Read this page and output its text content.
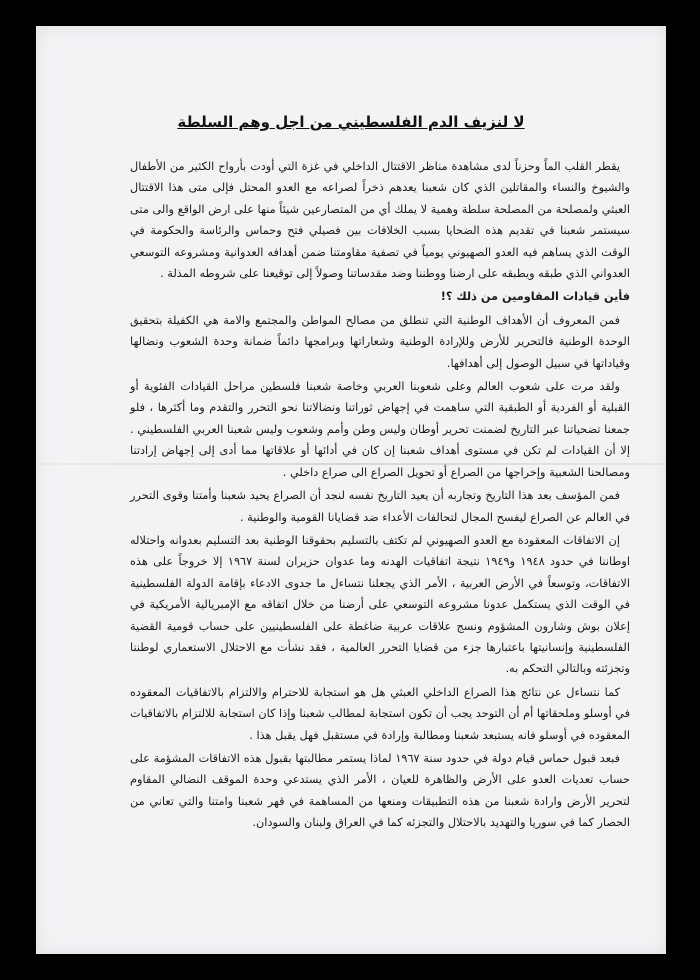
لا لنزيف الدم الفلسطيني من اجل وهم السلطة

يقطر القلب الماً وحزناً لدى مشاهدة مناظر الاقتتال الداخلي في غزة التي أودت بأرواح الكثير من الأطفال والشيوخ والنساء والمقاتلين الذي كان شعبنا يعدهم ذخراً لصراعه مع العدو المحتل فإلى متى هذا الاقتتال العبثي ولمصلحة من المصلحة سلطة وهمية لا يملك أي من المتصارعين شيئاً منها على ارض الواقع والى متى سيستمر شعبنا في تقديم هذه الضحايا بسبب الخلافات بين فصيلي فتح وحماس والرئاسة والحكومة في الوقت الذي يساهم فيه العدو الصهيوني يومياً في تصفية مقاومتنا ضمن أهدافه العدوانية ومشروعه التوسعي العدواني الذي طبقه ويطبقه على ارضنا ووطننا وضد مقدساتنا وصولاً إلى توقيعنا على شروطه المذلة .

فأين قيادات المقاومين من ذلك ؟!

فمن المعروف أن الأهداف الوطنية التي تنطلق من مصالح المواطن والمجتمع والامة هي الكفيلة بتحقيق الوحدة الوطنية فالتحرير للأرض وللإرادة الوطنية وشعاراتها وبرامجها دائماً ضمانة وحدة الشعوب ونضالها وقياداتها في سبيل الوصول إلى أهدافها.

ولقد مرت على شعوب العالم وعلى شعوبنا العربي وخاصة شعبنا فلسطين مراحل القيادات الفئوية أو القبلية أو الفردية أو الطبقية التي ساهمت في إجهاض ثوراتنا ونضالاتنا نحو التحرر والتقدم وما أكثرها ، فلو جمعنا تضحياتنا عبر التاريخ لضمنت تحرير أوطان وليس وطن وأمم وشعوب وليس شعبنا العربي الفلسطيني . إلا أن القيادات لم تكن في مستوى أهداف شعبنا إن كان في أدائها أو علاقاتها مما أدى إلى إجهاض إرادتنا ومصالحنا الشعبية وإخراجها من الصراع أو تحويل الصراع الى صراع داخلي .

فمن المؤسف بعد هذا التاريخ وتجاربه أن يعيد التاريخ نفسه لنجد أن الصراع يحيد شعبنا وأمتنا وقوى التحرر في العالم عن الصراع ليفسح المجال لتحالفات الأعداء ضد قضايانا القومية والوطنية .

إن الاتفاقات المعقودة مع العدو الصهيوني لم تكتف بالتسليم بحقوقنا الوطنية بعد التسليم بعدوانه واحتلاله اوطاننا في حدود ١٩٤٨ و١٩٤٩ نتيجة اتفاقيات الهدنه وما عدوان حزيران لسنة ١٩٦٧ إلا خروجاً على هذه الاتفاقات، وتوسعاً في الأرض العربية ، الأمر الذي يجعلنا نتساءل ما جدوى الادعاء بإقامة الدولة الفلسطينية في الوقت الذي يستكمل عدونا مشروعه التوسعي على أرضنا من خلال اتفاقه مع الإمبريالية الأمريكية في إعلان بوش وشارون المشؤوم ونسج علاقات عربية ضاغطة على الفلسطينيين على حساب قومية القضية الفلسطينية وإنسانيتها باعتبارها جزء من قضايا التحرر العالمية ، فقد نشأت مع الاحتلال الاستعماري لوطننا وتجزئته وبالتالي التحكم به.

كما نتساءل عن نتائج هذا الصراع الداخلي العبثي هل هو استجابة للاحترام والالتزام بالاتفاقيات المعقوده في أوسلو وملحقاتها أم أن التوحد يجب أن تكون استجابة لمطالب شعبنا وإذا كان استجابة للالتزام بالاتفاقيات المعقوده في أوسلو فانه يستبعد شعبنا ومطالبة وإرادة في مستقبل فهل يقبل هذا .

فبعد قبول حماس قيام دولة في حدود سنة ١٩٦٧ لماذا يستمر مطالبتها بقبول هذه الاتفاقات المشؤمة على حساب تعديات العدو على الأرض والظاهرة للعيان ، الأمر الذي يستدعي وحدة الموقف النضالي المقاوم لتحرير الأرض وارادة شعبنا من هذه التطبيقات ومنعها من المساهمة في قهر شعبنا وامتنا والتي تعاني من الحصار كما في سوريا والتهديد بالاحتلال والتجزئه كما في العراق ولبنان والسودان.
